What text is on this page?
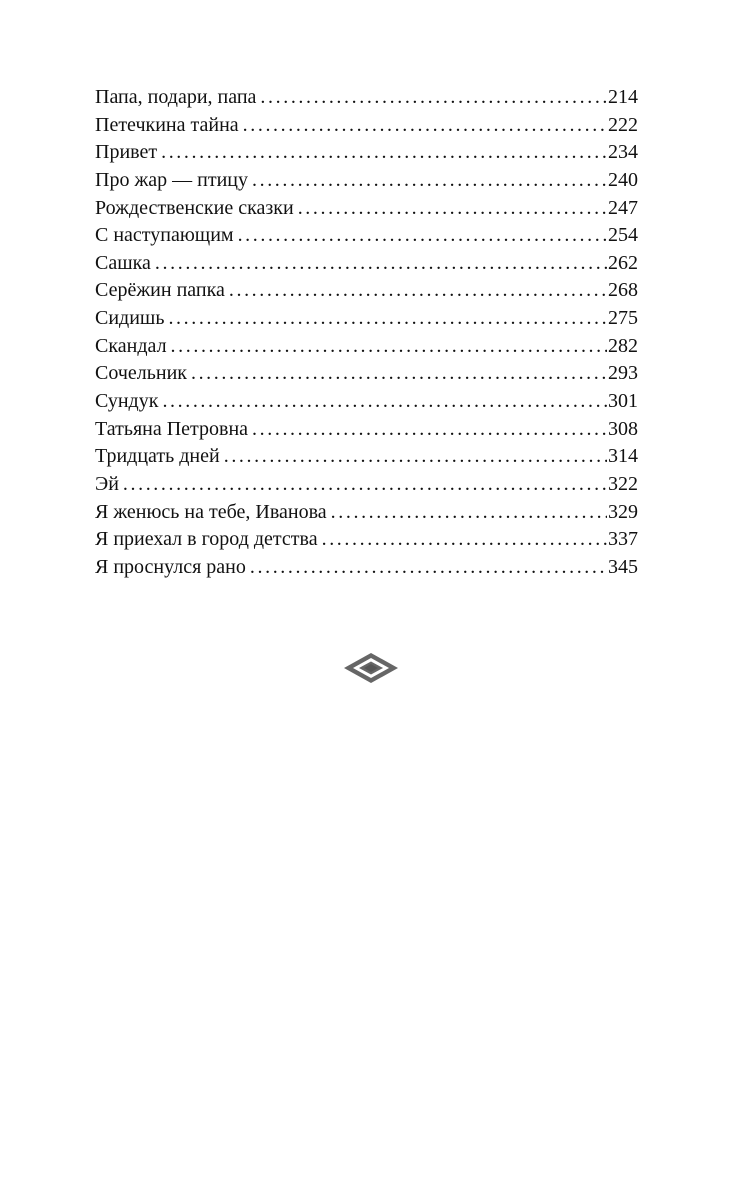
Папа, подари, папа .....	214
Петечкина тайна .....	222
Привет .....	234
Про жар — птицу .....	240
Рождественские сказки .....	247
С наступающим .....	254
Сашка .....	262
Серёжин папка .....	268
Сидишь .....	275
Скандал .....	282
Сочельник .....	293
Сундук .....	301
Татьяна Петровна .....	308
Тридцать дней .....	314
Эй .....	322
Я женюсь на тебе, Иванова .....	329
Я приехал в город детства .....	337
Я проснулся рано .....	345
